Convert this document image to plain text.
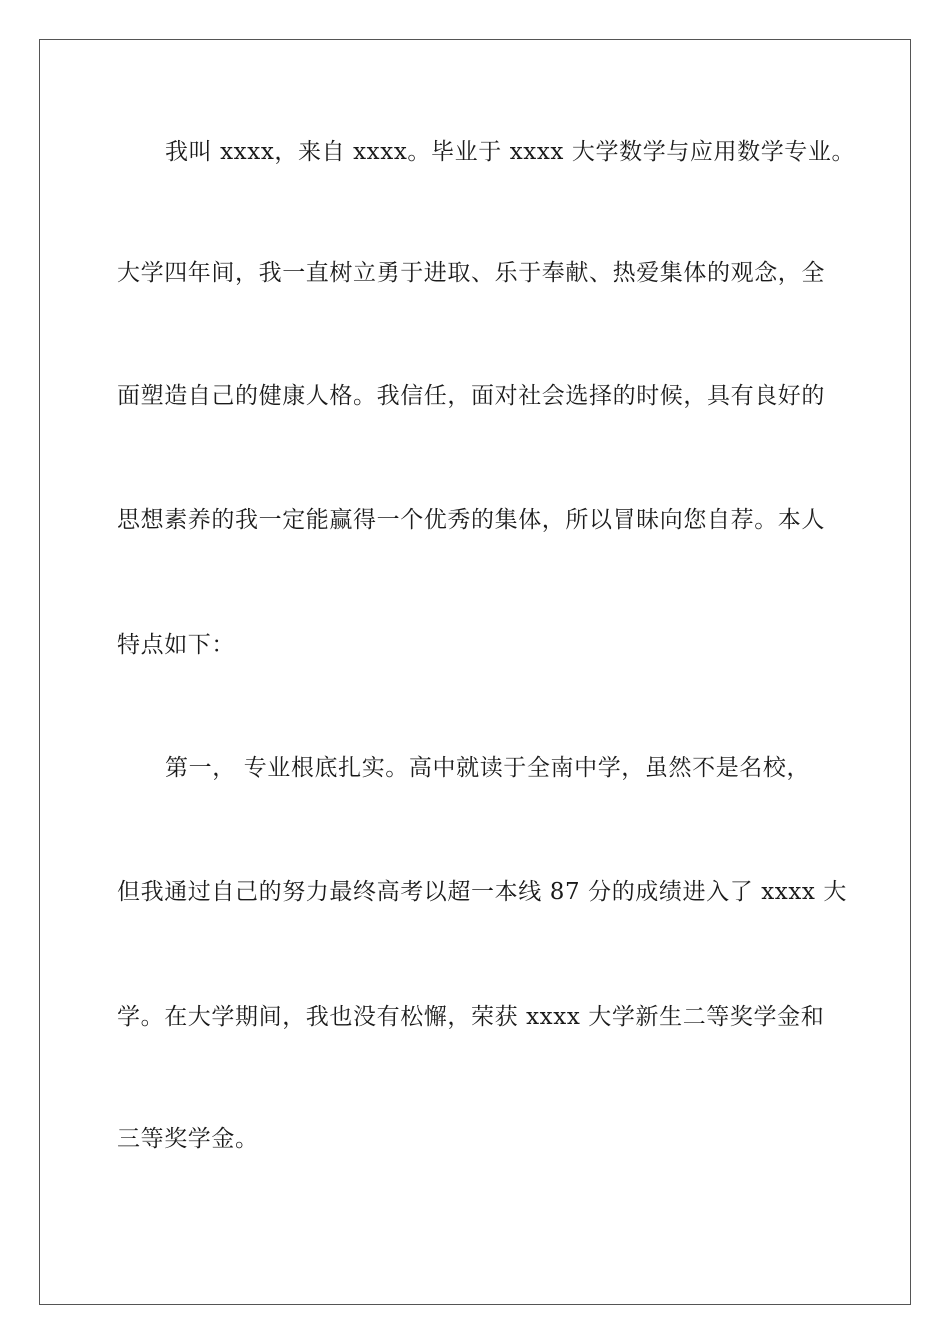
我叫 xxxx，来自 xxxx。毕业于 xxxx 大学数学与应用数学专业。
大学四年间，我一直树立勇于进取、乐于奉献、热爱集体的观念，全
面塑造自己的健康人格。我信任，面对社会选择的时候，具有良好的
思想素养的我一定能赢得一个优秀的集体，所以冒昧向您自荐。本人
特点如下：
第一， 专业根底扎实。高中就读于全南中学，虽然不是名校，
但我通过自己的努力最终高考以超一本线 87 分的成绩进入了 xxxx 大
学。在大学期间，我也没有松懈，荣获 xxxx 大学新生二等奖学金和
三等奖学金。
